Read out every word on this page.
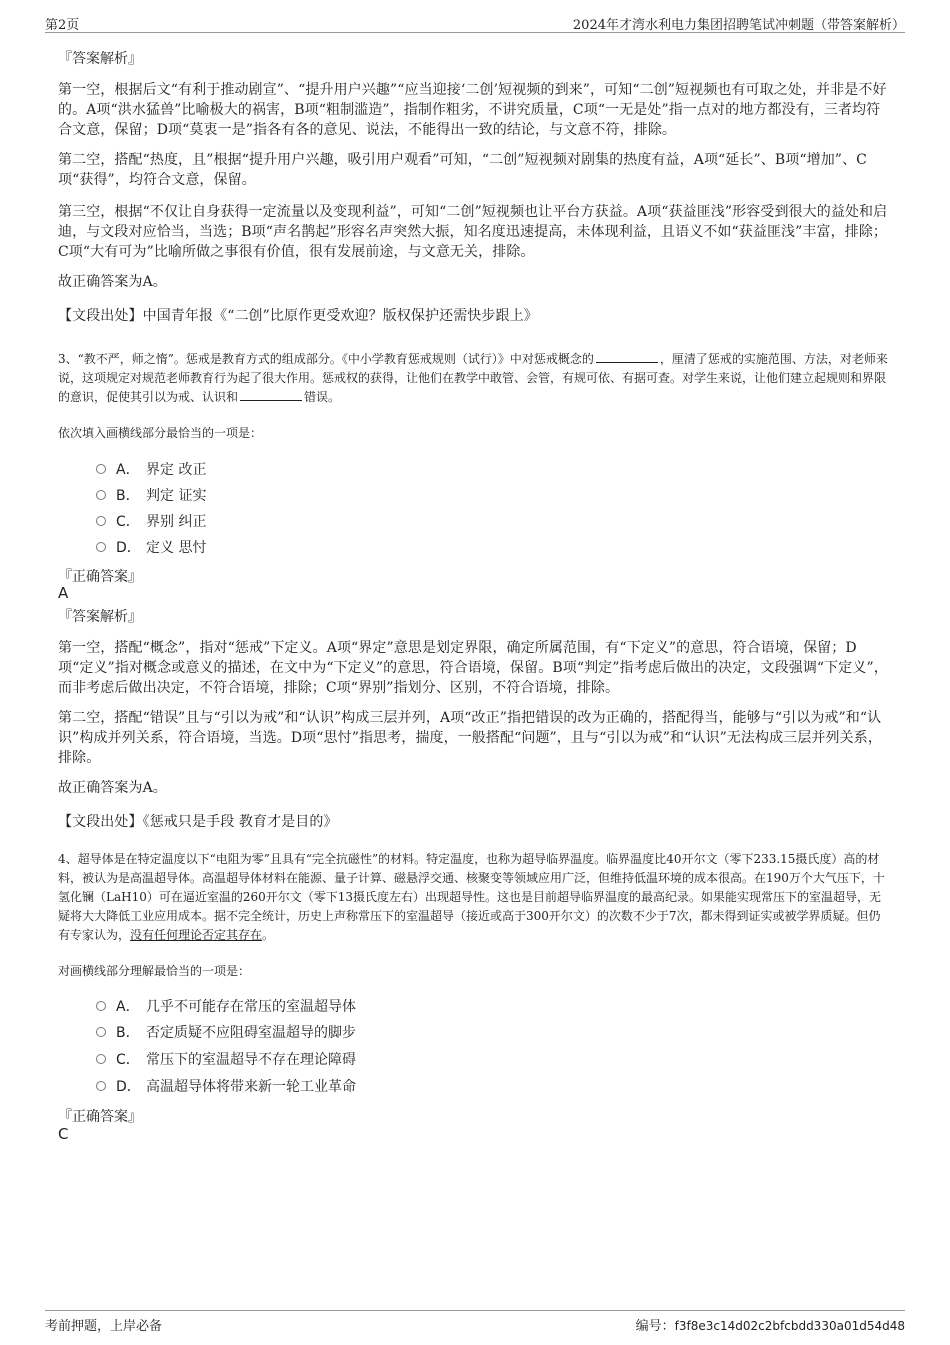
第2页	2024年才湾水利电力集团招聘笔试冲刺题（带答案解析）
『答案解析』
第一空，根据后文“有利于推动剧宣”、“提升用户兴趣”“应当迎接‘二创’短视频的到来”，可知“二创”短视频也有可取之处，并非是不好的。A项“洪水猛兽”比喻极大的祸害，B项“粗制滥造”，指制作粗劣，不讲究质量，C项“一无是处”指一点对的地方都没有，三者均符合文意，保留；D项“莫衷一是”指各有各的意见、说法，不能得出一致的结论，与文意不符，排除。
第二空，搭配“热度，且”根据“提升用户兴趣，吸引用户观看”可知，“二创”短视频对剧集的热度有益，A项“延长”、B项“增加”、C项“获得”，均符合文意，保留。
第三空，根据“不仅让自身获得一定流量以及变现利益”，可知“二创”短视频也让平台方获益。A项“获益匪浅”形容受到很大的益处和启迪，与文段对应恰当，当选；B项“声名鹊起”形容名声突然大振，知名度迅速提高，未体现利益，且语义不如“获益匪浅”丰富，排除；C项“大有可为”比喻所做之事很有价值，很有发展前途，与文意无关，排除。
故正确答案为A。
【文段出处】中国青年报《“二创”比原作更受欢迎？版权保护还需快步跟上》
3、“教不严，师之惰”。惩戒是教育方式的组成部分。《中小学教育惩戒规则（试行）》中对惩戒概念的	，厘清了惩戒的实施范围、方法，对老师来说，这项规定对规范老师教育行为起了很大作用。惩戒权的获得，让他们在教学中敢管、会管，有规可依、有据可查。对学生来说，让他们建立起规则和界限的意识，促使其引以为戒、认识和	错误。
依次填入画横线部分最恰当的一项是：
A． 界定 改正
B． 判定 证实
C． 界别 纠正
D． 定义 思忖
『正确答案』
A
『答案解析』
第一空，搭配“概念”，指对“惩戒”下定义。A项“界定”意思是划定界限，确定所属范围，有“下定义”的意思，符合语境，保留；D项“定义”指对概念或意义的描述，在文中为“下定义”的意思，符合语境，保留。B项“判定”指考虑后做出的决定，文段强调“下定义”，而非考虑后做出决定，不符合语境，排除；C项“界别”指划分、区别，不符合语境，排除。
第二空，搭配“错误”且与“引以为戒”和“认识”构成三层并列，A项“改正”指把错误的改为正确的，搭配得当，能够与“引以为戒”和“认识”构成并列关系，符合语境，当选。D项“思忖”指思考，揣度，一般搭配“问题”，且与“引以为戒”和“认识”无法构成三层并列关系，排除。
故正确答案为A。
【文段出处】《惩戒只是手段 教育才是目的》
4、超导体是在特定温度以下“电阻为零”且具有“完全抗磁性”的材料。特定温度，也称为超导临界温度。临界温度比40开尔文（零下233.15摄氏度）高的材料，被认为是高温超导体。高温超导体材料在能源、量子计算、磁悬浮交通、核聚变等领域应用广泛，但维持低温环境的成本很高。在190万个大气压下，十氢化镧（LaH10）可在逼近室温的260开尔文（零下13摄氏度左右）出现超导性。这也是目前超导临界温度的最高纪录。如果能实现常压下的室温超导，无疑将大大降低工业应用成本。据不完全统计，历史上声称常压下的室温超导（接近或高于300开尔文）的次数不少于7次，都未得到证实或被学界质疑。但仍有专家认为，没有任何理论否定其存在。
对画横线部分理解最恰当的一项是：
A． 几乎不可能存在常压的室温超导体
B． 否定质疑不应阻碍室温超导的脚步
C． 常压下的室温超导不存在理论障碍
D． 高温超导体将带来新一轮工业革命
『正确答案』
C
考前押题，上岸必备	编号：f3f8e3c14d02c2bfcbdd330a01d54d48
